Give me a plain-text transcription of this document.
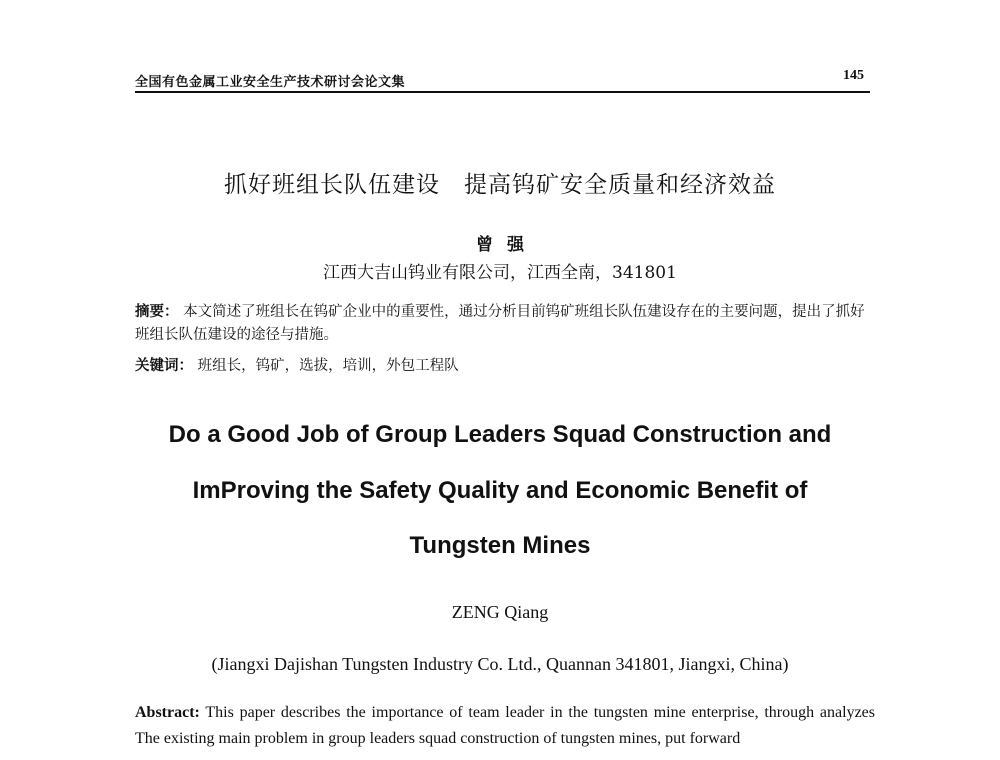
全国有色金属工业安全生产技术研讨会论文集	145
抓好班组长队伍建设　提高钨矿安全质量和经济效益
曾强
江西大吉山钨业有限公司，江西全南，341801
摘要： 本文简述了班组长在钨矿企业中的重要性，通过分析目前钨矿班组长队伍建设存在的主要问题，提出了抓好班组长队伍建设的途径与措施。
关键词： 班组长，钨矿，选拔，培训，外包工程队
Do a Good Job of Group Leaders Squad Construction and
ImProving the Safety Quality and Economic Benefit of
Tungsten Mines
ZENG Qiang
(Jiangxi Dajishan Tungsten Industry Co. Ltd., Quannan 341801, Jiangxi, China)
Abstract: This paper describes the importance of team leader in the tungsten mine enterprise, through analyzes The existing main problem in group leaders squad construction of tungsten mines, put forward
